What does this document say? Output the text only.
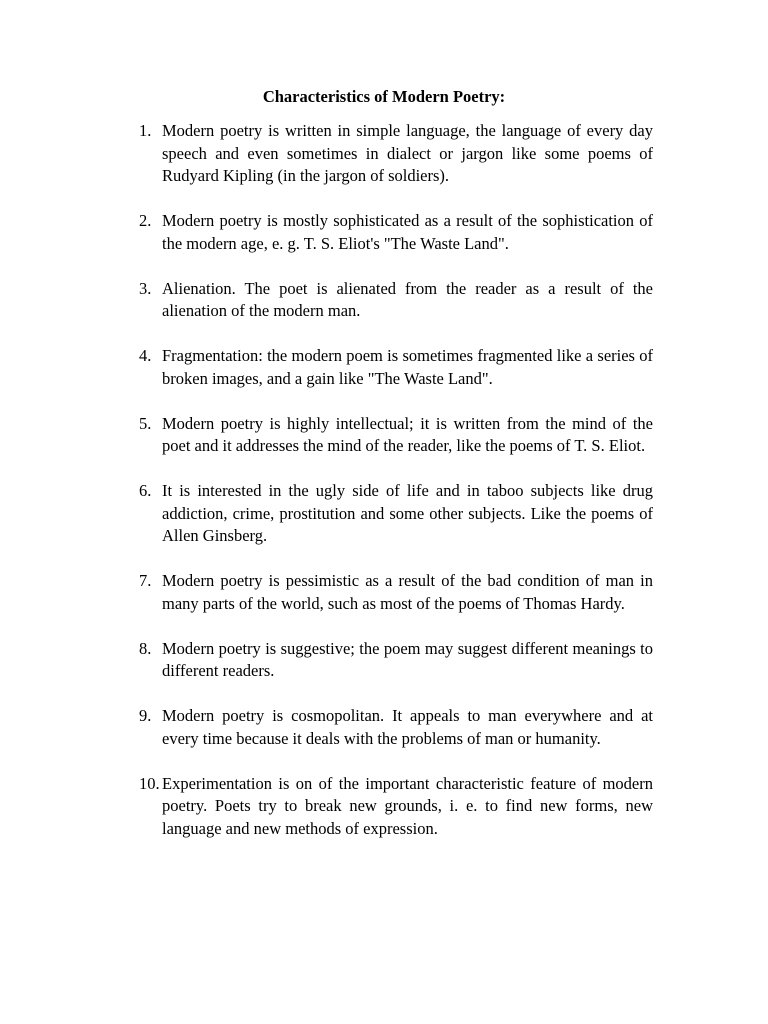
Characteristics of Modern Poetry:
1. Modern poetry is written in simple language, the language of every day speech and even sometimes in dialect or jargon like some poems of Rudyard Kipling (in the jargon of soldiers).
2. Modern poetry is mostly sophisticated as a result of the sophistication of the modern age, e. g. T. S. Eliot's "The Waste Land".
3. Alienation. The poet is alienated from the reader as a result of the alienation of the modern man.
4. Fragmentation: the modern poem is sometimes fragmented like a series of broken images, and a gain like "The Waste Land".
5. Modern poetry is highly intellectual; it is written from the mind of the poet and it addresses the mind of the reader, like the poems of T. S. Eliot.
6. It is interested in the ugly side of life and in taboo subjects like drug addiction, crime, prostitution and some other subjects. Like the poems of Allen Ginsberg.
7. Modern poetry is pessimistic as a result of the bad condition of man in many parts of the world, such as most of the poems of Thomas Hardy.
8. Modern poetry is suggestive; the poem may suggest different meanings to different readers.
9. Modern poetry is cosmopolitan. It appeals to man everywhere and at every time because it deals with the problems of man or humanity.
10. Experimentation is on of the important characteristic feature of modern poetry. Poets try to break new grounds, i. e. to find new forms, new language and new methods of expression.
